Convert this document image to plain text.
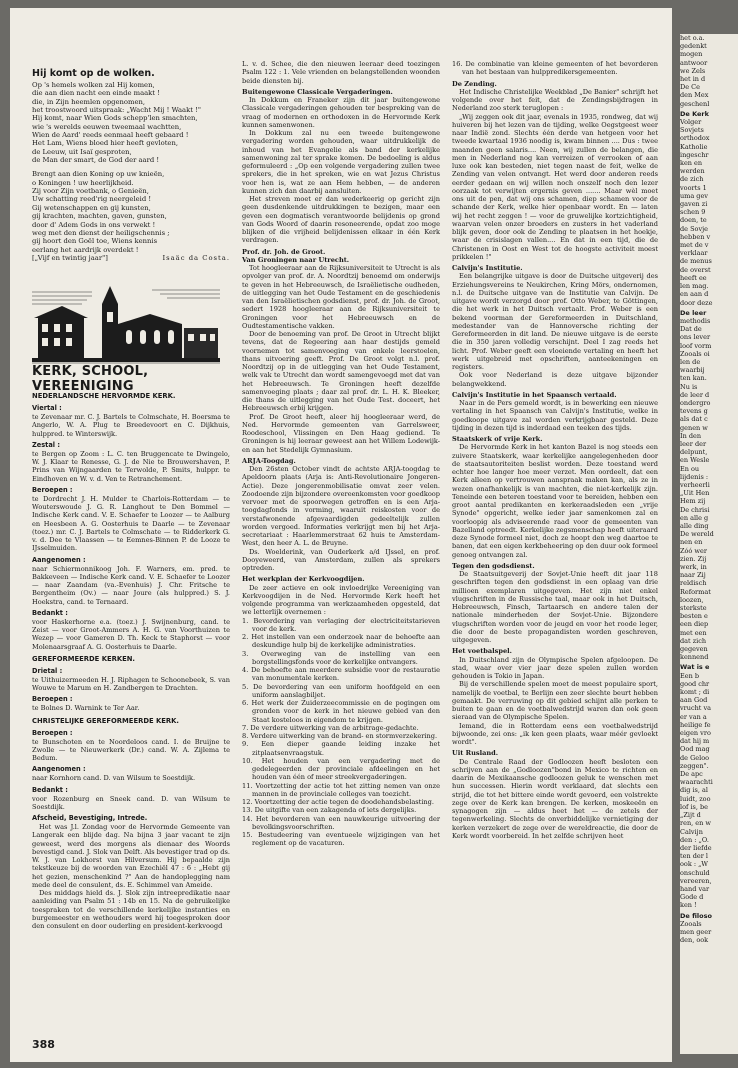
Hij komt op de wolken.
Op 's hemels wolken zal Hij komen,
die aan dien nacht een einde maakt !
die, in Zijn heemlen opgenomen,
het troostwoord uitspraak: „Wacht Mij ! Waakt !"
Hij komt, naar Wien Gods schepp'len smachten,
wie 's werelds eeuwen tweemaal wachtten,
Wien de Aard' reeds eenmaal heeft gebaard !
Het Lam, Wiens bloed hier heeft gevloten,
de Leeuw, uit Isaï gesproten,
de Man der smart, de God der aard !
Brengt aan dien Koning op uw knieën,
o Koningen ! uw heerlijkheid.
Zij voor Zijn voetbank, o Genieën,
Uw schatting reed'rig neergeleid !
Gij wetenschappen en gij kunsten,
gij krachten, machten, gaven, gunsten,
door d' Adem Gods in ons verwekt !
weg met den dienst der heiligschennis ;
gij hoort den Goël toe, Wiens kennis
eerlang het aardrijk overdekt !
[„Vijf en twintig jaar"]	Isaäc da Costa.
KERK, SCHOOL, VEREENIGING
NEDERLANDSCHE HERVORMDE KERK.
Viertal :

te Zevenaar mr. C. J. Bartels te Colmschate, H. Boersma te Angerlo, W. A. Plug te Breedevoort en C. Dijkhuis, hulppred. te Winterswijk.

Zestal :

te Bergen op Zoom : L. C. ten Bruggencate te Dwingelo, W. J. Klaar te Renesse, G. J. de Nie te Brouwershaven, P. Prins van Wijngaarden te Terwolde, P. Smits, hulppr. te Eindhoven en W. v. d. Ven te Retranchement.

Beroepen :

te Dordrecht J. H. Mulder te Charlois-Rotterdam — te Wouterswoude J. G. R. Langhout te Den Bommel — Indische Kerk cand. V. E. Schaefer te Loozer — te Aalburg en Heesbeen A. G. Oosterhuis te Daarle — te Zevenaar (toez.) mr. C. J. Bartels te Colmschate — te Ridderkerk G. v. d. Dee te Vlaassen — te Eemnes-Binnen P. de Looze te IJsselmuiden.

Aangenomen :

naar Schiermonnikoog Joh. F. Warners, em. pred. te Bakkeveen — Indische Kerk cand. V. E. Schaefer te Loozer — naar Zaandam (va.-Evenhuis) J. Chr. Fritsche te Bergentheim (Ov.) — naar Joure (als hulppred.) S. J. Hoekstra, cand. te Ternaard.

Bedankt :

voor Haskerhorne e.a. (toez.) J. Swijnenburg, cand. te Zeist — voor Groot-Ammers A. H. G. van Voorthuizen te Wezep — voor Gameren D. Th. Keck te Staphorst — voor Molenaarsgraaf A. G. Oosterhuis te Daarle.

GEREFORMEERDE KERKEN.
Drietal :

te Uithuizermeeden H. J. Riphagen te Schoonebeek, S. van Wouwe te Marum en H. Zandbergen te Drachten.

Beroepen :

te Bolnes D. Warnink te Ter Aar.

CHRISTELIJKE GEREFORMEERDE KERK.
Beroepen :

te Bunschoten en te Noordeloos cand. I. de Bruijne te Zwolle — te Nieuwerkerk (Dr.) cand. W. A. Zijlema te Bedum.

Aangenomen :

naar Kornhorn cand. D. van Wilsum te Soestdijk.

Bedankt :

voor Rozenburg en Sneek cand. D. van Wilsum te Soestdijk.

Afscheid, Bevestiging, Intrede.

Het was J.l. Zondag voor de Hervormde Gemeente van Langerak een blijde dag. Na bijna 3 jaar vacant te zijn geweest, werd des morgens als dienaar des Woords bevestigd cand. J. Slok van Delft. Als bevestiger trad op ds. W. J. van Lokhorst van Hilversum. Hij bepaalde zijn tekstkeuze bij de woorden van Ezechiël 47 : 6 : „Hebt gij het gezien, menschenkind ?" Aan de handoplegging nam mede deel de consulent, ds. E. Schimmel van Ameide.

Des middags hield ds. J. Slok zijn intreepredikatie naar aanleiding van Psalm 51 : 14b en 15. Na de gebruikelijke toespraken tot de verschillende kerkelijke instanties en burgemeester en wethouders werd hij toegesproken door den consulent en door ouderling en president-kerkvoogd

388

L. v. d. Schee, die den nieuwen leeraar deed toezingen Psalm 122 : 1. Vele vrienden en belangstellenden woonden beide diensten bij.

Buitengewone Classicale Vergaderingen.

In Dokkum en Franeker zijn dit jaar buitengewone Classicale vergaderingen gehouden ter bespreking van de vraag of modernen en orthodoxen in de Hervormde Kerk kunnen samenwonen.

In Dokkum zal nu een tweede buitengewone vergadering worden gehouden, waar uitdrukkelijk de inhoud van het Evangelie als band der kerkelijke samenwoning zal ter sprake komen. De bedoeling is aldus geformuleerd : „Op een volgende vergadering zullen twee sprekers, die in het spreken, wie en wat Jezus Christus voor hen is, wat ze aan Hem hebben, — de anderen kunnen zich dan daarbij aansluiten.

Het streven moet er dan wederkeerig op gericht zijn geen dusdenkende uitdrukkingen te bezigen, maar een geven een dogmatisch verantwoorde belijdenis op grond van Gods Woord of daarin resoneerende, opdat zoo moge blijken of die vrijheid belijdenissen elkaar in één Kerk verdragen.

Prof. dr. Joh. de Groot.
Van Groningen naar Utrecht.

Tot hoogleeraar aan de Rijksuniversiteit te Utrecht is als opvolger van prof. dr. A. Noordtzij benoemd om onderwijs te geven in het Hebreeuwsch, de Israëlietische oudheden, de uitlegging van het Oude Testament en de geschiedenis van den Israëlietischen godsdienst, prof. dr. Joh. de Groot, sedert 1928 hoogleeraar aan de Rijksuniversiteit te Groningen voor het Hebreeuwsch en de Oudtestamentische vakken.

Door de benoeming van prof. De Groot in Utrecht blijkt tevens, dat de Regeering aan haar destijds gemeld voornemen tot samenvoeging van enkele leerstoelen, thans uitvoering geeft. Prof. De Groot volgt n.l. prof. Noordtzij op in de uitlegging van het Oude Testament, welk vak te Utrecht dan wordt samengevoegd met dat van het Hebreeuwsch. Te Groningen heeft dezelfde samenvoeging plaats ; daar zal prof. dr. L. H. K. Bleeker, die thans de uitlegging van het Oude Test. doceert, het Hebreeuwsch erbij krijgen.

Prof. De Groot heeft, aleer hij hoogleeraar werd, de Ned. Hervormde gemeenten van Garrelsweer, Roodeschool, Vlissingen en Den Haag gediend. Te Groningen is hij leeraar geweest aan het Willem Lodewijk- en aan het Stedelijk Gymnasium.

ARJA-Toogdag.

Den 26sten October vindt de achtste ARJA-toogdag te Apeldoorn plaats (Arja is: Anti-Revolutionaire Jongeren-Actie). Deze jongerenmobilisatie omvat zeer velen. Zoodoende zijn bijzondere overeenkomsten voor goedkoop vervoer met de spoorwegen getroffen en is een Arja-toogdagfonds in vorming, waaruit reiskosten voor de verstafwonende afgevaardigden gedeeltelijk zullen worden vergoed. Informaties verkrijgt men bij het Arja-secretariaat : Haarlemmerstraat 62 huis te Amsterdam-West, den heer A. L. de Bruyne.

Ds. Woelderink, van Ouderkerk a/d IJssel, en prof. Dooyeweerd, van Amsterdam, zullen als sprekers optreden.

Het werkplan der Kerkvoogdijen.

De zeer actieve en ook invloedrijke Vereeniging van Kerkvoogdijen in de Ned. Hervormde Kerk heeft het volgende programma van werkzaamheden opgesteld, dat we letterlijk overnemen :

1. Bevordering van verlaging der electriciteitstarieven voor de kerk.

2. Het instellen van een onderzoek naar de behoefte aan deskundige hulp bij de kerkelijke administraties.

3. Overweging van de instelling van een borgstellingsfonds voor de kerkelijke ontvangers.

4. De behoefte aan meerdere subsidie voor de restauratie van monumentale kerken.

5. De bevordering van een uniform hoofdgeld en een uniform aanslagbiljet.

6. Het werk der Zuiderzeecommissie en de pogingen om gronden voor de kerk in het nieuwe gebied van den Staat kosteloos in eigendom te krijgen.

7. De verdere uitwerking van de arbitrage-gedachte.

8. Verdere uitwerking van de brand- en stormverzekering.

9. Een dieper gaande leiding inzake het zitplaatsenvraagstuk.

10. Het houden van een vergadering met de gedelegeerden der provinciale afdeelingen en het houden van één of meer streekvergaderingen.

11. Voortzetting der actie tot het zitting nemen van onze mannen in de provinciale colleges van toezicht.

12. Voortzetting der actie tegen de doodehandsbelasting.

13. De uitgifte van een zakagenda of iets dergelijks.

14. Het bevorderen van een nauwkeurige uitvoering der bevolkingsvoorschriften.

15. Bestudeering van eventueele wijzigingen van het reglement op de vacaturen.

16. De combinatie van kleine gemeenten of het bevorderen van het bestaan van hulppredikersgemeenten.

De Zending.

Het Indische Christelijke Weekblad „De Banier" schrijft het volgende over het feit, dat de Zendingsbijdragen in Nederland zoo sterk teruglopen :

„Wij zeggen ook dit jaar, evenals in 1935, rondweg, dat wij huiveren bij het lezen van de tijding, welke Oegstgeest weer naar Indië zond. Slechts één derde van hetgeen voor het tweede kwartaal 1936 noodig is, kwam binnen .... Dus : twee maanden geen salaris.... Neen, wij zullen de belangen, die men in Nederland nog kan verreizen of verrooken of aan luxe ook kan besteden, niet tegen naast de feit, welke de Zending van velen ontvangt. Het werd door anderen reeds eerder gedaan en wij willen noch onszelf noch den lezer oorzaak tot verwijten ergernis geven ....... Maar wèl moet ons uit de pen, dat wij ons schamen, diep schamen voor de schande der Kerk, welke hier openbaar wordt. En — laten wij het recht zeggen ! — voor de gruwelijke kortzichtigheid, waarvan velen onzer broeders en zusters in het vaderland blijk geven, door ook de Zending te plaatsen in het hoekje, waar de crisislagen vallen.... En dat in een tijd, die de Christenen in Oost en West tot de hoogste activiteit moest prikkelen !"

Calvijn's Institutie.

Een belangrijke uitgave is door de Duitsche uitgeverij des Erziehungsvereins te Neukirchen, Kring Mörs, ondernomen, n.l. de Duitsche uitgave van de Institutie van Calvijn. De uitgave wordt verzorgd door prof. Otto Weber, te Göttingen, die het werk in het Duitsch vertaalt. Prof. Weber is een bekend voorman der Gereformeerden in Duitschland, medestander van de Hannoversche richting der Gereformeerden in dit land. De nieuwe uitgave is de eerste die in 350 jaren volledig verschijnt. Deel I zag reeds het licht. Prof. Weber geeft een vloeiende vertaling en heeft het werk uitgebreid met opschriften, aanteekeningen en registers.

Ook voor Nederland is deze uitgave bijzonder belangwekkend.

Calvijn's Institutie in het Spaansch vertaald.

Naar in de Pers gemeld wordt, is in bewerking een nieuwe vertaling in het Spaansch van Calvijn's Institutie, welke in goedkoope uitgave zal worden verkrijgbaar gesteld. Deze tijding in dezen tijd is inderdaad een teeken des tijds.

Staatskerk of vrije Kerk.

De Hervormde Kerk in het kanton Bazel is nog steeds een zuivere Staatskerk, waar kerkelijke aangelegenheden door de staatsautoriteiten beslist worden. Deze toestand werd echter hoe langer hoe meer verzet. Men oordeelt, dat een Kerk alleen op vertrouwen aanspraak maken kan, als ze in wezen onafhankelijk is van machten, die niet-kerkelijk zijn. Teneinde een beteren toestand voor te bereiden, hebben een groot aantal predikanten en kerkeraadsleden een „vrije Synode" opgericht, welke ieder jaar samenkomen zal en voorloopig als adviseerende raad voor de gemeenten van Bazelland optreedt. Kerkelijke zegsmenschap heeft uiteraard deze Synode formeel niet, doch ze hoopt den weg daartoe te banen, dat een eigen kerkbeheering op den duur ook formeel genoeg ontvangen zal.

Tegen den godsdienst.

De Staatsuitgeverij der Sovjet-Unie heeft dit jaar 118 geschriften tegen den godsdienst in een oplaag van drie millioen exemplaren uitgegeven. Het zijn niet enkel vlugschriften in de Russische taal, maar ook in het Duitsch, Hebreeuwsch, Finsch, Tartaarsch en andere talen der nationale minderheden der Sovjet-Unie. Bijzondere vlugschriften worden voor de jeugd en voor het roode leger, die door de beste propagandisten worden geschreven, uitgegeven.

Het voetbalspel.

In Duitschland zijn de Olympische Spelen afgeloopen. De stad, waar over vier jaar deze spelen zullen worden gehouden is Tokio in Japan.

Bij de verschillende spelen moet de meest populaire sport, namelijk de voetbal, te Berlijn een zeer slechte beurt hebben gemaakt. De verruwing op dit gebied schijnt alle perken te buiten te gaan en de voetbalwedstrijd waren dan ook geen sieraad van de Olympische Spelen.

Iemand, die in Rotterdam eens een voetbalwedstrijd bijwoonde, zei ons: „ik ken geen plaats, waar méér gevloekt wordt".

Uit Rusland.

De Centrale Raad der Godloozen heeft besloten een schrijven aan de „Godloozen"bond in Mexico te richten en daarin de Mexikaansche godloozen geluk te wenschen met hun successen. Hierin wordt verklaard, dat slechts een strijd, die tot het bittere einde wordt gevoerd, een volstrekte zege over de Kerk kan brengen. De kerken, moskeeën en synagogen zijn — aldus heet het — de zetels der tegenwerkeling. Slechts de onverbiddelijke vernietiging der kerken verzekert de zege over de wereldreactie, die door de Kerk wordt voorbereid. In het zelfde schrijven heet

het o.a.
gedenkt
mogen
antwoor
we Zels
het in d
De Ce
den Mex
geschenl
De Kerk
Volger
Sovjets
orthodox
Katholie
ingeschr
ken en
werden
de zich
voorts 1
uma gev
gaven zi
schen 9
doen, te
de Sovje
hebben v
met de v
verklaar
de menus
de overst
heeft ee
len mag.
en aan d
door deze
De leer
methodis
Dat de
ons lever
loof vorm
Zooals oi
len de
waarbij
ten kan.
Nu is
de leer d
ondergro
tevens g
als dat c
genen w
In den
leer der
delpunt,
en Wesle
En ou
lijdenis :
verheerli
„Uit Hen
Hem zij
De chrisi
en alle g
alle ding
De wereld
nen en
Zóó wer
zien. Zij
werk, in
naar Zij
reldisch
Reformat
loozen,
sterkste
besten e
een diep
met een
dat zich
gegeven
kennend
Wat is e
Een b
good chr
komt ; di
aan God
vrucht va
er van a
heilige fe
eigen vro
dat hij m
Ood mag
de Geloo
zeggen".
De apc
waarachti
dig is, al
luidt, zoo
lof is, be
„Zijt d
ren, en w
Calvijn
den : „O.
der liefde
ten der l
ook : „W
onschuld
vereeren,
hand var
Gode d
ken !
De filoso
Zooals
men geer
den, ook
